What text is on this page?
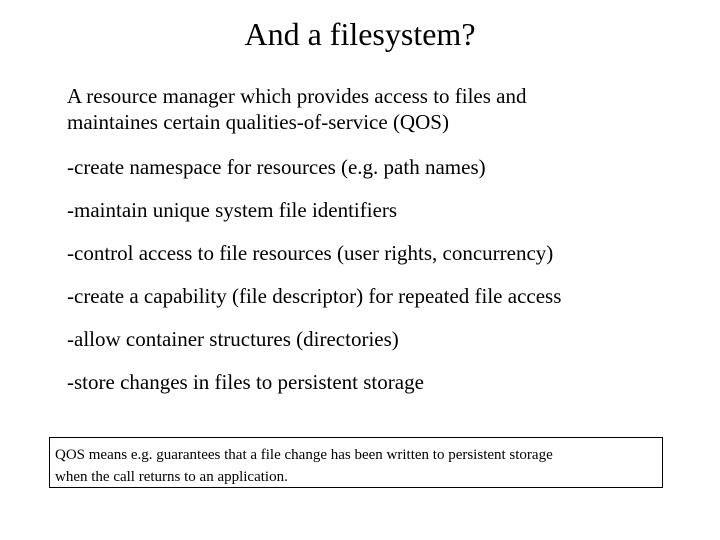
And a filesystem?
A resource manager which provides access to files and
maintaines certain qualities-of-service (QOS)
-create namespace for resources (e.g. path names)
-maintain unique system file identifiers
-control access to file resources (user rights, concurrency)
-create a capability (file descriptor) for repeated file access
-allow container structures (directories)
-store changes in files to persistent storage
QOS means e.g. guarantees that a file change has been written to persistent storage
when the call returns to an application.
